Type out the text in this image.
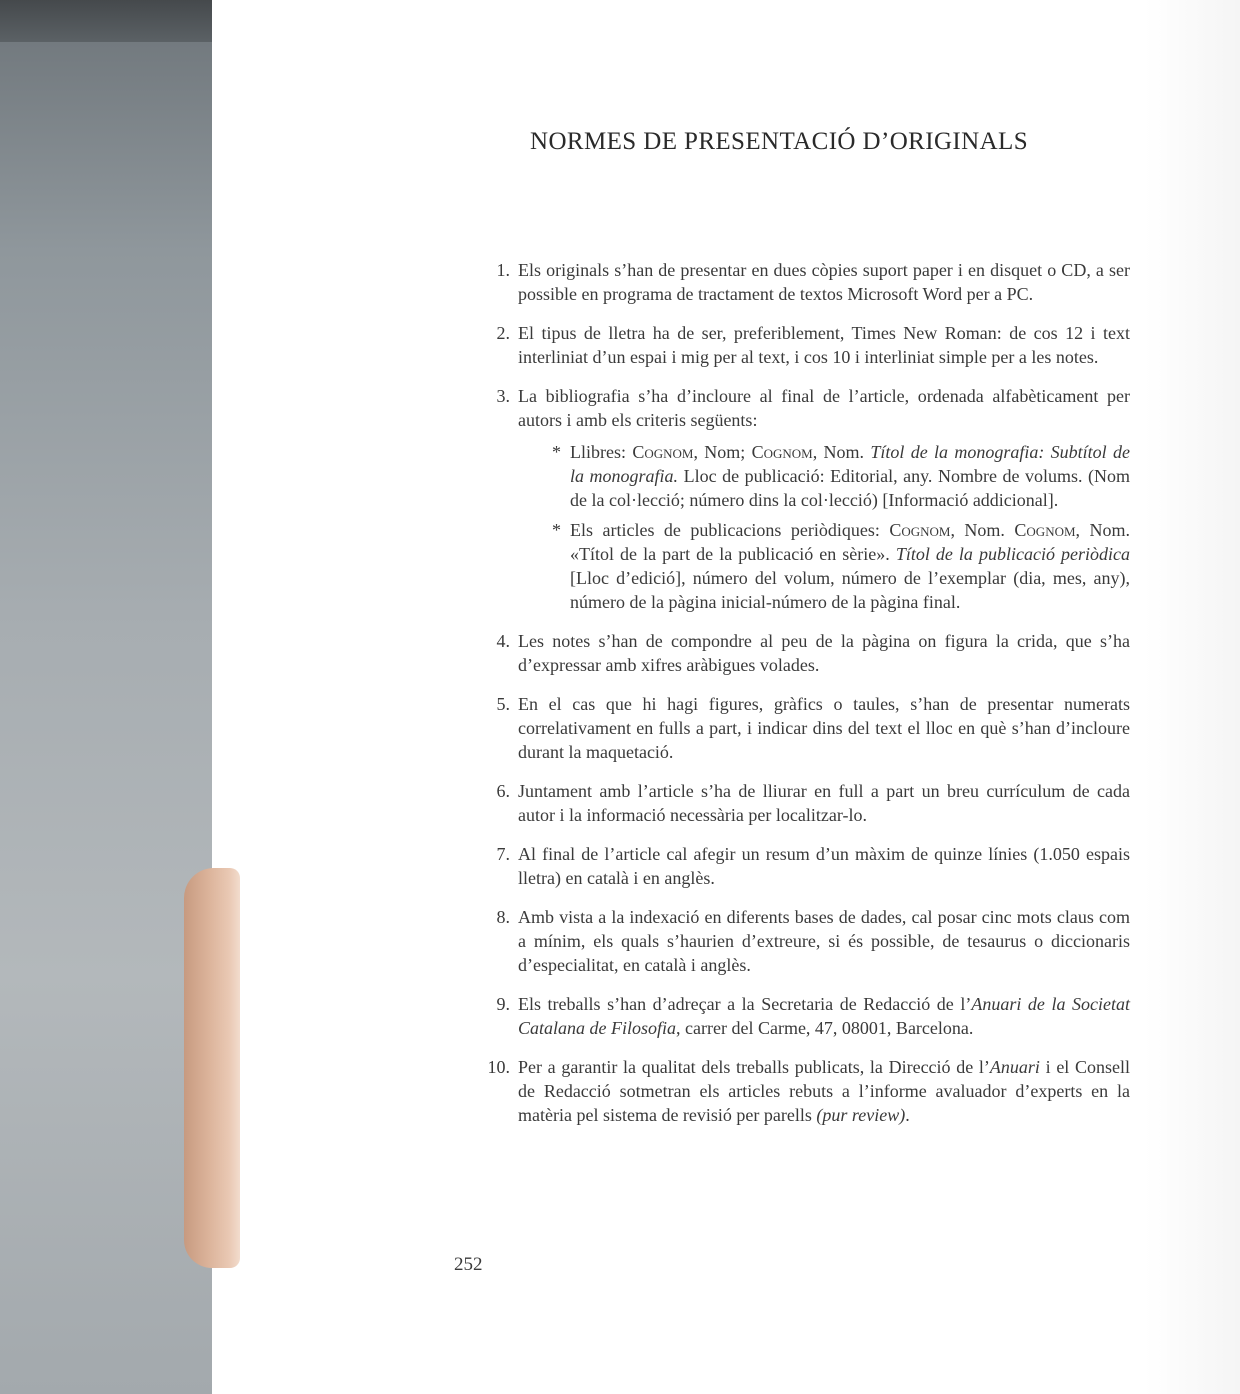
NORMES DE PRESENTACIÓ D’ORIGINALS
1. Els originals s’han de presentar en dues còpies suport paper i en disquet o CD, a ser possible en programa de tractament de textos Microsoft Word per a PC.
2. El tipus de lletra ha de ser, preferiblement, Times New Roman: de cos 12 i text interliniat d’un espai i mig per al text, i cos 10 i interliniat simple per a les notes.
3. La bibliografia s’ha d’incloure al final de l’article, ordenada alfabèticament per autors i amb els criteris següents:
* Llibres: Cognom, Nom; Cognom, Nom. Títol de la monografia: Subtítol de la monografia. Lloc de publicació: Editorial, any. Nombre de volums. (Nom de la col·lecció; número dins la col·lecció) [Informació addicional].
* Els articles de publicacions periòdiques: Cognom, Nom. Cognom, Nom. «Títol de la part de la publicació en sèrie». Títol de la publicació periòdica [Lloc d’edició], número del volum, número de l’exemplar (dia, mes, any), número de la pàgina inicial-número de la pàgina final.
4. Les notes s’han de compondre al peu de la pàgina on figura la crida, que s’ha d’expressar amb xifres aràbigues volades.
5. En el cas que hi hagi figures, gràfics o taules, s’han de presentar numerats correlativament en fulls a part, i indicar dins del text el lloc en què s’han d’incloure durant la maquetació.
6. Juntament amb l’article s’ha de lliurar en full a part un breu currículum de cada autor i la informació necessària per localitzar-lo.
7. Al final de l’article cal afegir un resum d’un màxim de quinze línies (1.050 espais lletra) en català i en anglès.
8. Amb vista a la indexació en diferents bases de dades, cal posar cinc mots claus com a mínim, els quals s’haurien d’extreure, si és possible, de tesaurus o diccionaris d’especialitat, en català i anglès.
9. Els treballs s’han d’adreçar a la Secretaria de Redacció de l’Anuari de la Societat Catalana de Filosofia, carrer del Carme, 47, 08001, Barcelona.
10. Per a garantir la qualitat dels treballs publicats, la Direcció de l’Anuari i el Consell de Redacció sotmetran els articles rebuts a l’informe avaluador d’experts en la matèria pel sistema de revisió per parells (pur review).
252
